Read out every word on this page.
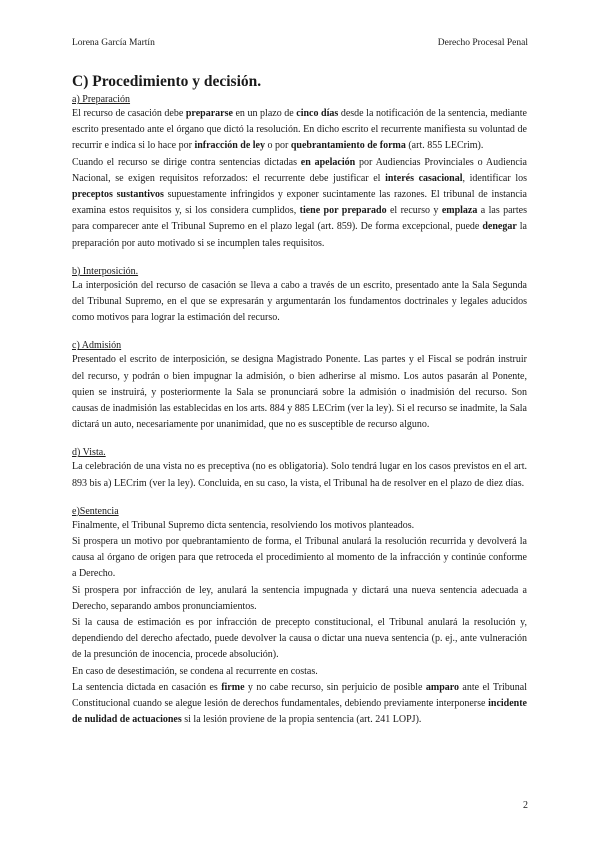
Lorena García Martín	Derecho Procesal Penal
C) Procedimiento y decisión.

a) Preparación

El recurso de casación debe prepararse en un plazo de cinco días desde la notificación de la sentencia, mediante escrito presentado ante el órgano que dictó la resolución. En dicho escrito el recurrente manifiesta su voluntad de recurrir e indica si lo hace por infracción de ley o por quebrantamiento de forma (art. 855 LECrim).

Cuando el recurso se dirige contra sentencias dictadas en apelación por Audiencias Provinciales o Audiencia Nacional, se exigen requisitos reforzados: el recurrente debe justificar el interés casacional, identificar los preceptos sustantivos supuestamente infringidos y exponer sucintamente las razones. El tribunal de instancia examina estos requisitos y, si los considera cumplidos, tiene por preparado el recurso y emplaza a las partes para comparecer ante el Tribunal Supremo en el plazo legal (art. 859). De forma excepcional, puede denegar la preparación por auto motivado si se incumplen tales requisitos.

b) Interposición.

La interposición del recurso de casación se lleva a cabo a través de un escrito, presentado ante la Sala Segunda del Tribunal Supremo, en el que se expresarán y argumentarán los fundamentos doctrinales y legales aducidos como motivos para lograr la estimación del recurso.

c) Admisión

Presentado el escrito de interposición, se designa Magistrado Ponente. Las partes y el Fiscal se podrán instruir del recurso, y podrán o bien impugnar la admisión, o bien adherirse al mismo. Los autos pasarán al Ponente, quien se instruirá, y posteriormente la Sala se pronunciará sobre la admisión o inadmisión del recurso. Son causas de inadmisión las establecidas en los arts. 884 y 885 LECrim (ver la ley). Si el recurso se inadmite, la Sala dictará un auto, necesariamente por unanimidad, que no es susceptible de recurso alguno.

d) Vista.

La celebración de una vista no es preceptiva (no es obligatoria). Solo tendrá lugar en los casos previstos en el art. 893 bis a) LECrim (ver la ley). Concluida, en su caso, la vista, el Tribunal ha de resolver en el plazo de diez días.

e)Sentencia

Finalmente, el Tribunal Supremo dicta sentencia, resolviendo los motivos planteados.

Si prospera un motivo por quebrantamiento de forma, el Tribunal anulará la resolución recurrida y devolverá la causa al órgano de origen para que retroceda el procedimiento al momento de la infracción y continúe conforme a Derecho.

Si prospera por infracción de ley, anulará la sentencia impugnada y dictará una nueva sentencia adecuada a Derecho, separando ambos pronunciamientos.

Si la causa de estimación es por infracción de precepto constitucional, el Tribunal anulará la resolución y, dependiendo del derecho afectado, puede devolver la causa o dictar una nueva sentencia (p. ej., ante vulneración de la presunción de inocencia, procede absolución).

En caso de desestimación, se condena al recurrente en costas.

La sentencia dictada en casación es firme y no cabe recurso, sin perjuicio de posible amparo ante el Tribunal Constitucional cuando se alegue lesión de derechos fundamentales, debiendo previamente interponerse incidente de nulidad de actuaciones si la lesión proviene de la propia sentencia (art. 241 LOPJ).

2
